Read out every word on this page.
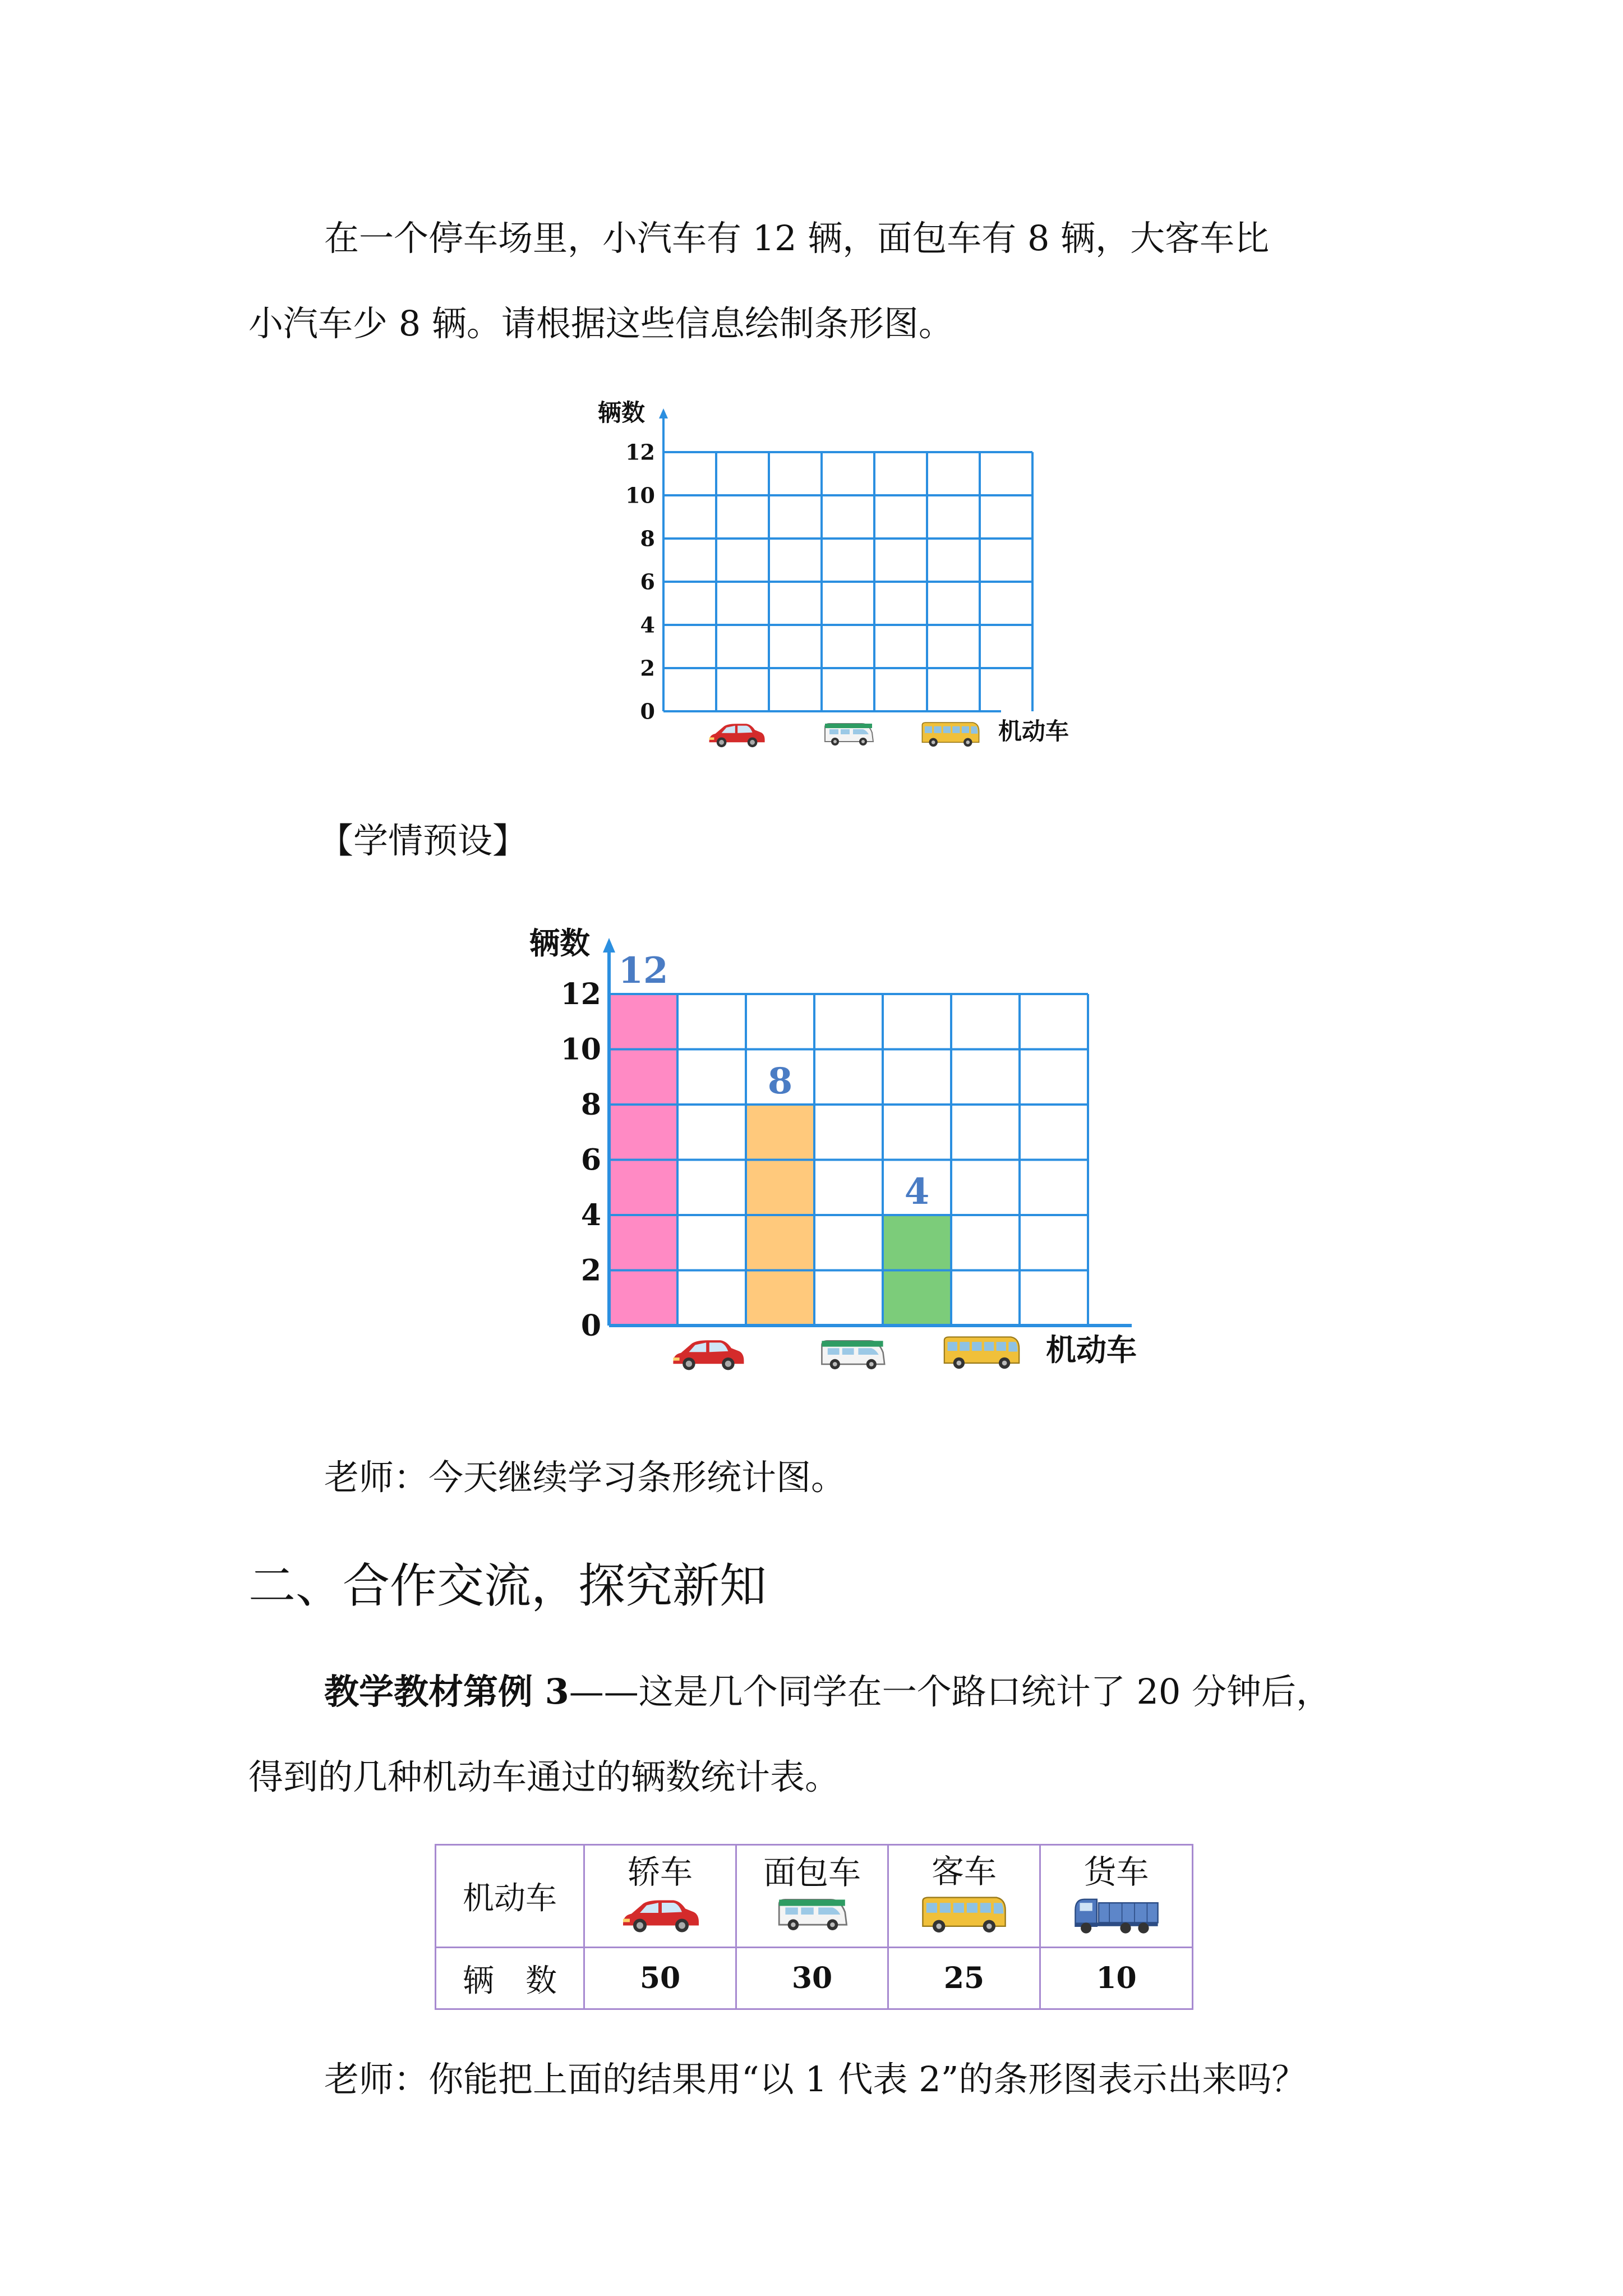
在一个停车场里，小汽车有 12 辆，面包车有 8 辆，大客车比
小汽车少 8 辆。请根据这些信息绘制条形图。
辆数
0
2
4
6
8
10
12
机动车
【学情预设】
辆数
0
2
4
6
8
10
12
12
8
4
机动车
老师：今天继续学习条形统计图。
二、合作交流，探究新知
教学教材第例 3——这是几个同学在一个路口统计了 20 分钟后，
得到的几种机动车通过的辆数统计表。
机动车	轿车	面包车	客车	货车

辆　数	50	30	25	10
老师：你能把上面的结果用“以 1 代表 2”的条形图表示出来吗？
